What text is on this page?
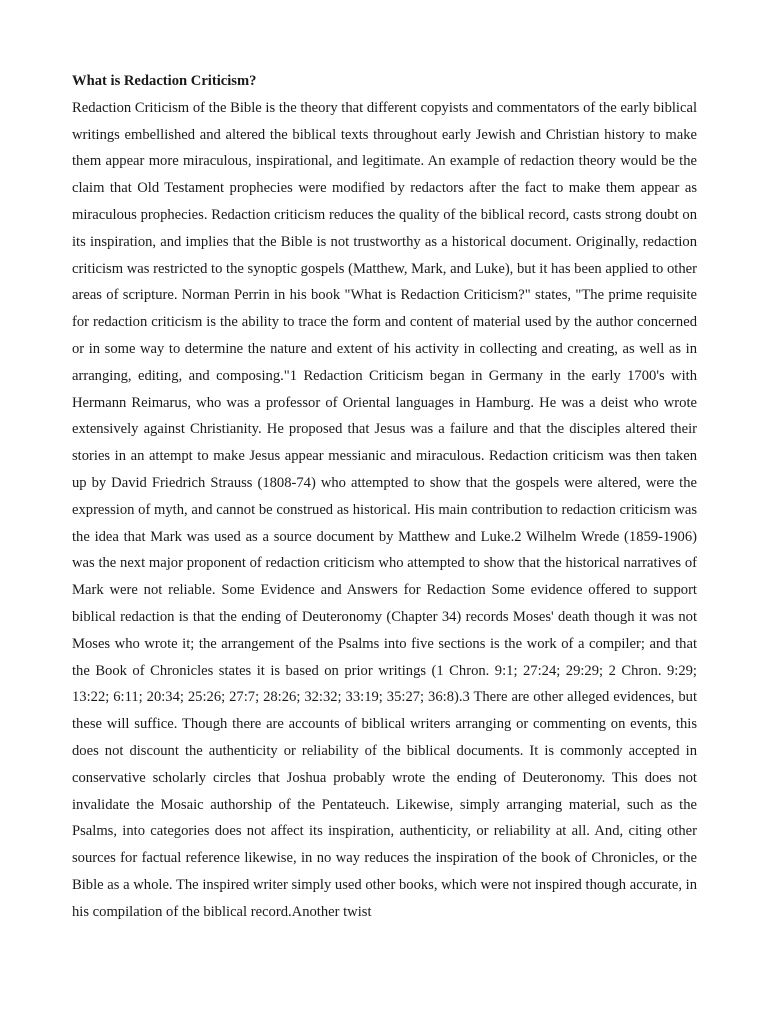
What is Redaction Criticism?

Redaction Criticism of the Bible is the theory that different copyists and commentators of the early biblical writings embellished and altered the biblical texts throughout early Jewish and Christian history to make them appear more miraculous, inspirational, and legitimate. An example of redaction theory would be the claim that Old Testament prophecies were modified by redactors after the fact to make them appear as miraculous prophecies. Redaction criticism reduces the quality of the biblical record, casts strong doubt on its inspiration, and implies that the Bible is not trustworthy as a historical document. Originally, redaction criticism was restricted to the synoptic gospels (Matthew, Mark, and Luke), but it has been applied to other areas of scripture. Norman Perrin in his book "What is Redaction Criticism?" states, "The prime requisite for redaction criticism is the ability to trace the form and content of material used by the author concerned or in some way to determine the nature and extent of his activity in collecting and creating, as well as in arranging, editing, and composing."1 Redaction Criticism began in Germany in the early 1700's with Hermann Reimarus, who was a professor of Oriental languages in Hamburg. He was a deist who wrote extensively against Christianity. He proposed that Jesus was a failure and that the disciples altered their stories in an attempt to make Jesus appear messianic and miraculous. Redaction criticism was then taken up by David Friedrich Strauss (1808-74) who attempted to show that the gospels were altered, were the expression of myth, and cannot be construed as historical. His main contribution to redaction criticism was the idea that Mark was used as a source document by Matthew and Luke.2 Wilhelm Wrede (1859-1906) was the next major proponent of redaction criticism who attempted to show that the historical narratives of Mark were not reliable. Some Evidence and Answers for Redaction Some evidence offered to support biblical redaction is that the ending of Deuteronomy (Chapter 34) records Moses' death though it was not Moses who wrote it; the arrangement of the Psalms into five sections is the work of a compiler; and that the Book of Chronicles states it is based on prior writings (1 Chron. 9:1; 27:24; 29:29; 2 Chron. 9:29; 13:22; 6:11; 20:34; 25:26; 27:7; 28:26; 32:32; 33:19; 35:27; 36:8).3 There are other alleged evidences, but these will suffice. Though there are accounts of biblical writers arranging or commenting on events, this does not discount the authenticity or reliability of the biblical documents. It is commonly accepted in conservative scholarly circles that Joshua probably wrote the ending of Deuteronomy. This does not invalidate the Mosaic authorship of the Pentateuch. Likewise, simply arranging material, such as the Psalms, into categories does not affect its inspiration, authenticity, or reliability at all. And, citing other sources for factual reference likewise, in no way reduces the inspiration of the book of Chronicles, or the Bible as a whole. The inspired writer simply used other books, which were not inspired though accurate, in his compilation of the biblical record.Another twist
